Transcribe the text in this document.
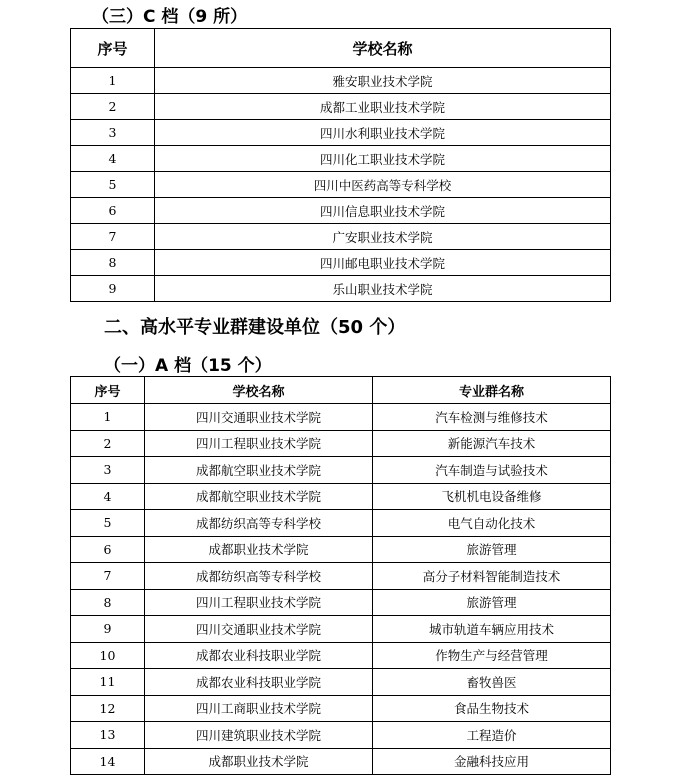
（三）C 档（9 所）
序号	学校名称
1	雅安职业技术学院
2	成都工业职业技术学院
3	四川水利职业技术学院
4	四川化工职业技术学院
5	四川中医药高等专科学校
6	四川信息职业技术学院
7	广安职业技术学院
8	四川邮电职业技术学院
9	乐山职业技术学院
二、高水平专业群建设单位（50 个）
（一）A 档（15 个）
序号	学校名称	专业群名称
1	四川交通职业技术学院	汽车检测与维修技术
2	四川工程职业技术学院	新能源汽车技术
3	成都航空职业技术学院	汽车制造与试验技术
4	成都航空职业技术学院	飞机机电设备维修
5	成都纺织高等专科学校	电气自动化技术
6	成都职业技术学院	旅游管理
7	成都纺织高等专科学校	高分子材料智能制造技术
8	四川工程职业技术学院	旅游管理
9	四川交通职业技术学院	城市轨道车辆应用技术
10	成都农业科技职业学院	作物生产与经营管理
11	成都农业科技职业学院	畜牧兽医
12	四川工商职业技术学院	食品生物技术
13	四川建筑职业技术学院	工程造价
14	成都职业技术学院	金融科技应用
